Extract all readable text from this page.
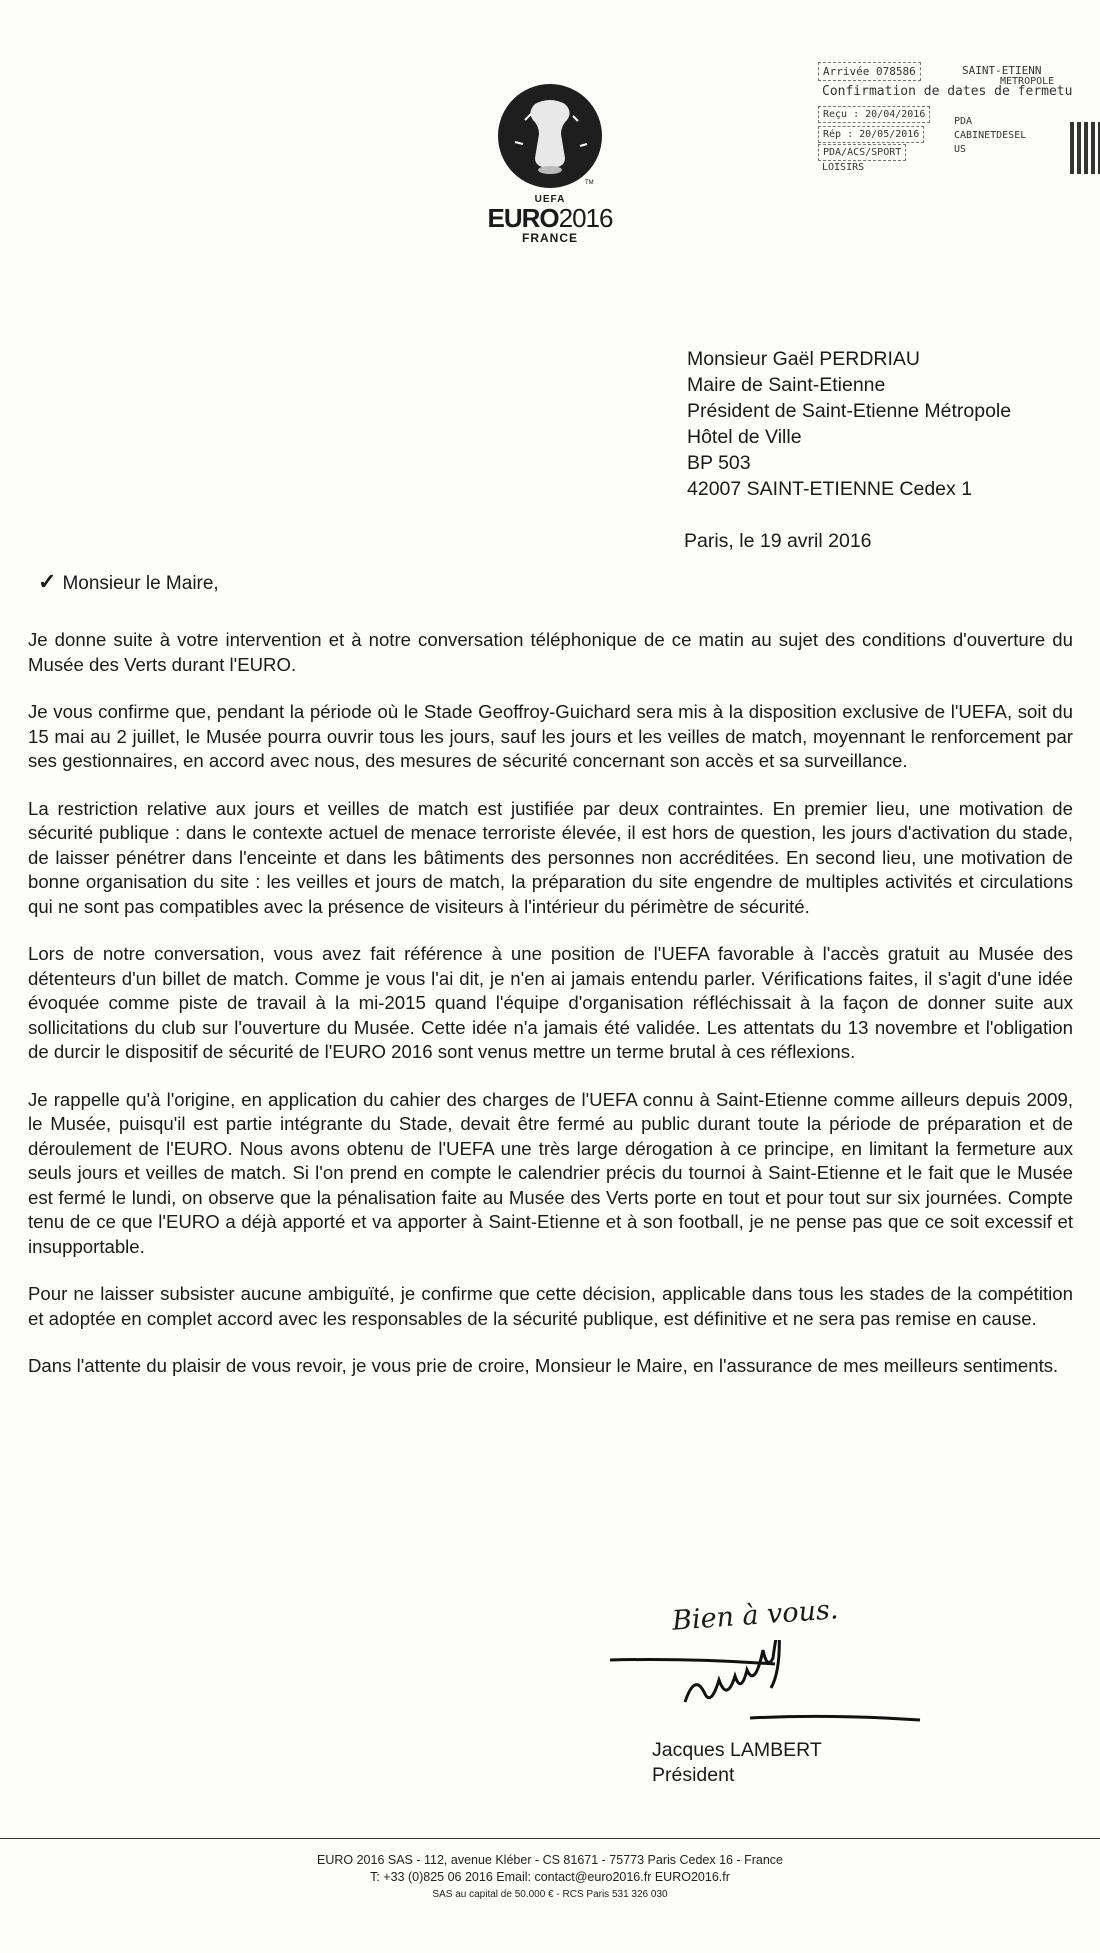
TM
UEFA
EURO2016
FRANCE
Arrivée 078586	SAINT-ETIENN
METROPOLE
Confirmation de dates de fermetu
Reçu : 20/04/2016
Rép : 20/05/2016
PDA/ACS/SPORT
LOISIRS
PDA
CABINETDESEL
US
Monsieur Gaël PERDRIAU
Maire de Saint-Etienne
Président de Saint-Etienne Métropole
Hôtel de Ville
BP 503
42007 SAINT-ETIENNE Cedex 1
Paris, le 19 avril 2016
✓ Monsieur le Maire,

Je donne suite à votre intervention et à notre conversation téléphonique de ce matin au sujet des conditions d'ouverture du Musée des Verts durant l'EURO.

Je vous confirme que, pendant la période où le Stade Geoffroy-Guichard sera mis à la disposition exclusive de l'UEFA, soit du 15 mai au 2 juillet, le Musée pourra ouvrir tous les jours, sauf les jours et les veilles de match, moyennant le renforcement par ses gestionnaires, en accord avec nous, des mesures de sécurité concernant son accès et sa surveillance.

La restriction relative aux jours et veilles de match est justifiée par deux contraintes. En premier lieu, une motivation de sécurité publique : dans le contexte actuel de menace terroriste élevée, il est hors de question, les jours d'activation du stade, de laisser pénétrer dans l'enceinte et dans les bâtiments des personnes non accréditées. En second lieu, une motivation de bonne organisation du site : les veilles et jours de match, la préparation du site engendre de multiples activités et circulations qui ne sont pas compatibles avec la présence de visiteurs à l'intérieur du périmètre de sécurité.

Lors de notre conversation, vous avez fait référence à une position de l'UEFA favorable à l'accès gratuit au Musée des détenteurs d'un billet de match. Comme je vous l'ai dit, je n'en ai jamais entendu parler. Vérifications faites, il s'agit d'une idée évoquée comme piste de travail à la mi-2015 quand l'équipe d'organisation réfléchissait à la façon de donner suite aux sollicitations du club sur l'ouverture du Musée. Cette idée n'a jamais été validée. Les attentats du 13 novembre et l'obligation de durcir le dispositif de sécurité de l'EURO 2016 sont venus mettre un terme brutal à ces réflexions.

Je rappelle qu'à l'origine, en application du cahier des charges de l'UEFA connu à Saint-Etienne comme ailleurs depuis 2009, le Musée, puisqu'il est partie intégrante du Stade, devait être fermé au public durant toute la période de préparation et de déroulement de l'EURO. Nous avons obtenu de l'UEFA une très large dérogation à ce principe, en limitant la fermeture aux seuls jours et veilles de match. Si l'on prend en compte le calendrier précis du tournoi à Saint-Etienne et le fait que le Musée est fermé le lundi, on observe que la pénalisation faite au Musée des Verts porte en tout et pour tout sur six journées. Compte tenu de ce que l'EURO a déjà apporté et va apporter à Saint-Etienne et à son football, je ne pense pas que ce soit excessif et insupportable.

Pour ne laisser subsister aucune ambiguïté, je confirme que cette décision, applicable dans tous les stades de la compétition et adoptée en complet accord avec les responsables de la sécurité publique, est définitive et ne sera pas remise en cause.

Dans l'attente du plaisir de vous revoir, je vous prie de croire, Monsieur le Maire, en l'assurance de mes meilleurs sentiments.

Bien à vous.
Jacques LAMBERT
Président
EURO 2016 SAS - 112, avenue Kléber - CS 81671 - 75773 Paris Cedex 16 - France
T: +33 (0)825 06 2016 Email: contact@euro2016.fr EURO2016.fr
SAS au capital de 50.000 € - RCS Paris 531 326 030
